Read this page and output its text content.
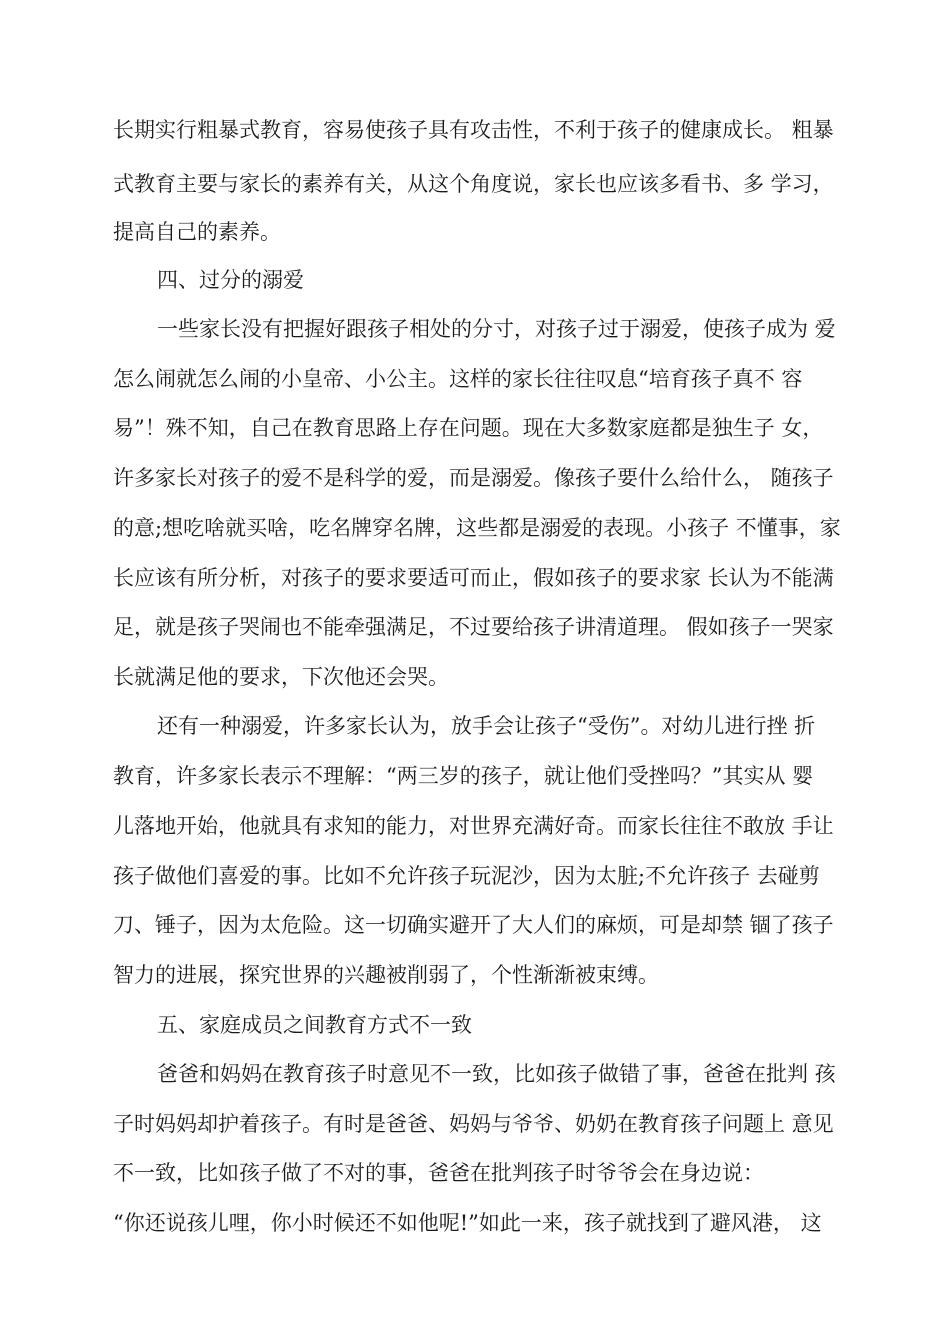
长期实行粗暴式教育，容易使孩子具有攻击性，不利于孩子的健康成长。 粗暴
式教育主要与家长的素养有关，从这个角度说，家长也应该多看书、多 学习，
提高自己的素养。
四、过分的溺爱
一些家长没有把握好跟孩子相处的分寸，对孩子过于溺爱，使孩子成为 爱
怎么闹就怎么闹的小皇帝、小公主。这样的家长往往叹息“培育孩子真不 容
易”！殊不知，自己在教育思路上存在问题。现在大多数家庭都是独生子 女，
许多家长对孩子的爱不是科学的爱，而是溺爱。像孩子要什么给什么， 随孩子
的意;想吃啥就买啥，吃名牌穿名牌，这些都是溺爱的表现。小孩子 不懂事，家
长应该有所分析，对孩子的要求要适可而止，假如孩子的要求家 长认为不能满
足，就是孩子哭闹也不能牵强满足，不过要给孩子讲清道理。 假如孩子一哭家
长就满足他的要求，下次他还会哭。
还有一种溺爱，许多家长认为，放手会让孩子“受伤”。对幼儿进行挫 折
教育，许多家长表示不理解：“两三岁的孩子，就让他们受挫吗？”其实从 婴
儿落地开始，他就具有求知的能力，对世界充满好奇。而家长往往不敢放 手让
孩子做他们喜爱的事。比如不允许孩子玩泥沙，因为太脏;不允许孩子 去碰剪
刀、锤子，因为太危险。这一切确实避开了大人们的麻烦，可是却禁 锢了孩子
智力的进展，探究世界的兴趣被削弱了，个性渐渐被束缚。
五、家庭成员之间教育方式不一致
爸爸和妈妈在教育孩子时意见不一致，比如孩子做错了事，爸爸在批判 孩
子时妈妈却护着孩子。有时是爸爸、妈妈与爷爷、奶奶在教育孩子问题上 意见
不一致，比如孩子做了不对的事，爸爸在批判孩子时爷爷会在身边说：
“你还说孩儿哩，你小时候还不如他呢!”如此一来，孩子就找到了避风港， 这
